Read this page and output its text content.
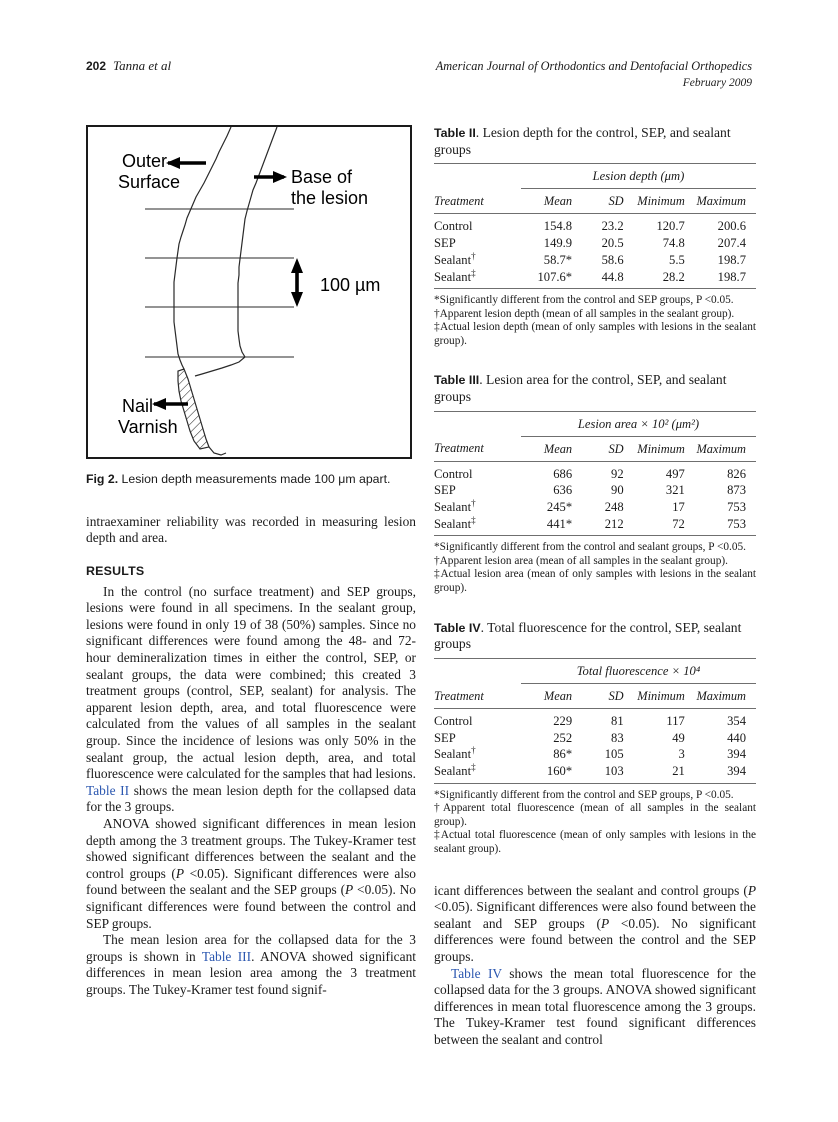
202 Tanna et al	American Journal of Orthodontics and Dentofacial Orthopedics
February 2009
Outer
Surface	Base of
the lesion
100 µm
Nail
Varnish
Fig 2. Lesion depth measurements made 100 μm apart.

intraexaminer reliability was recorded in measuring lesion depth and area.

RESULTS

In the control (no surface treatment) and SEP groups, lesions were found in all specimens. In the sealant group, lesions were found in only 19 of 38 (50%) samples. Since no significant differences were found among the 48- and 72-hour demineralization times in either the control, SEP, or sealant groups, the data were combined; this created 3 treatment groups (control, SEP, sealant) for analysis. The apparent lesion depth, area, and total fluorescence were calculated from the values of all samples in the sealant group. Since the incidence of lesions was only 50% in the sealant group, the actual lesion depth, area, and total fluorescence were calculated for the samples that had lesions. Table II shows the mean lesion depth for the collapsed data for the 3 groups.

ANOVA showed significant differences in mean lesion depth among the 3 treatment groups. The Tukey-Kramer test showed significant differences between the sealant and the control groups (P <0.05). Significant differences were also found between the sealant and the SEP groups (P <0.05). No significant differences were found between the control and SEP groups.

The mean lesion area for the collapsed data for the 3 groups is shown in Table III. ANOVA showed significant differences in mean lesion area among the 3 treatment groups. The Tukey-Kramer test found signif-

Table II. Lesion depth for the control, SEP, and sealant groups
	Lesion depth (μm)			
Treatment	Mean	SD	Minimum	Maximum
Control	154.8	23.2	120.7	200.6
SEP	149.9	20.5	74.8	207.4
Sealant†	58.7*	58.6	5.5	198.7
Sealant‡	107.6*	44.8	28.2	198.7
*Significantly different from the control and SEP groups, P <0.05.
†Apparent lesion depth (mean of all samples in the sealant group).
‡Actual lesion depth (mean of only samples with lesions in the sealant group).
Table III. Lesion area for the control, SEP, and sealant groups
	Lesion area × 10² (μm²)			
Treatment	Mean	SD	Minimum	Maximum
Control	686	92	497	826
SEP	636	90	321	873
Sealant†	245*	248	17	753
Sealant‡	441*	212	72	753
*Significantly different from the control and sealant groups, P <0.05.
†Apparent lesion area (mean of all samples in the sealant group).
‡Actual lesion area (mean of only samples with lesions in the sealant group).
Table IV. Total fluorescence for the control, SEP, sealant groups
	Total fluorescence × 10⁴			
Treatment	Mean	SD	Minimum	Maximum
Control	229	81	117	354
SEP	252	83	49	440
Sealant†	86*	105	3	394
Sealant‡	160*	103	21	394
*Significantly different from the control and SEP groups, P <0.05.
†Apparent total fluorescence (mean of all samples in the sealant group).
‡Actual total fluorescence (mean of only samples with lesions in the sealant group).

icant differences between the sealant and control groups (P <0.05). Significant differences were also found between the sealant and SEP groups (P <0.05). No significant differences were found between the control and the SEP groups.

Table IV shows the mean total fluorescence for the collapsed data for the 3 groups. ANOVA showed significant differences in mean total fluorescence among the 3 groups. The Tukey-Kramer test found significant differences between the sealant and control
